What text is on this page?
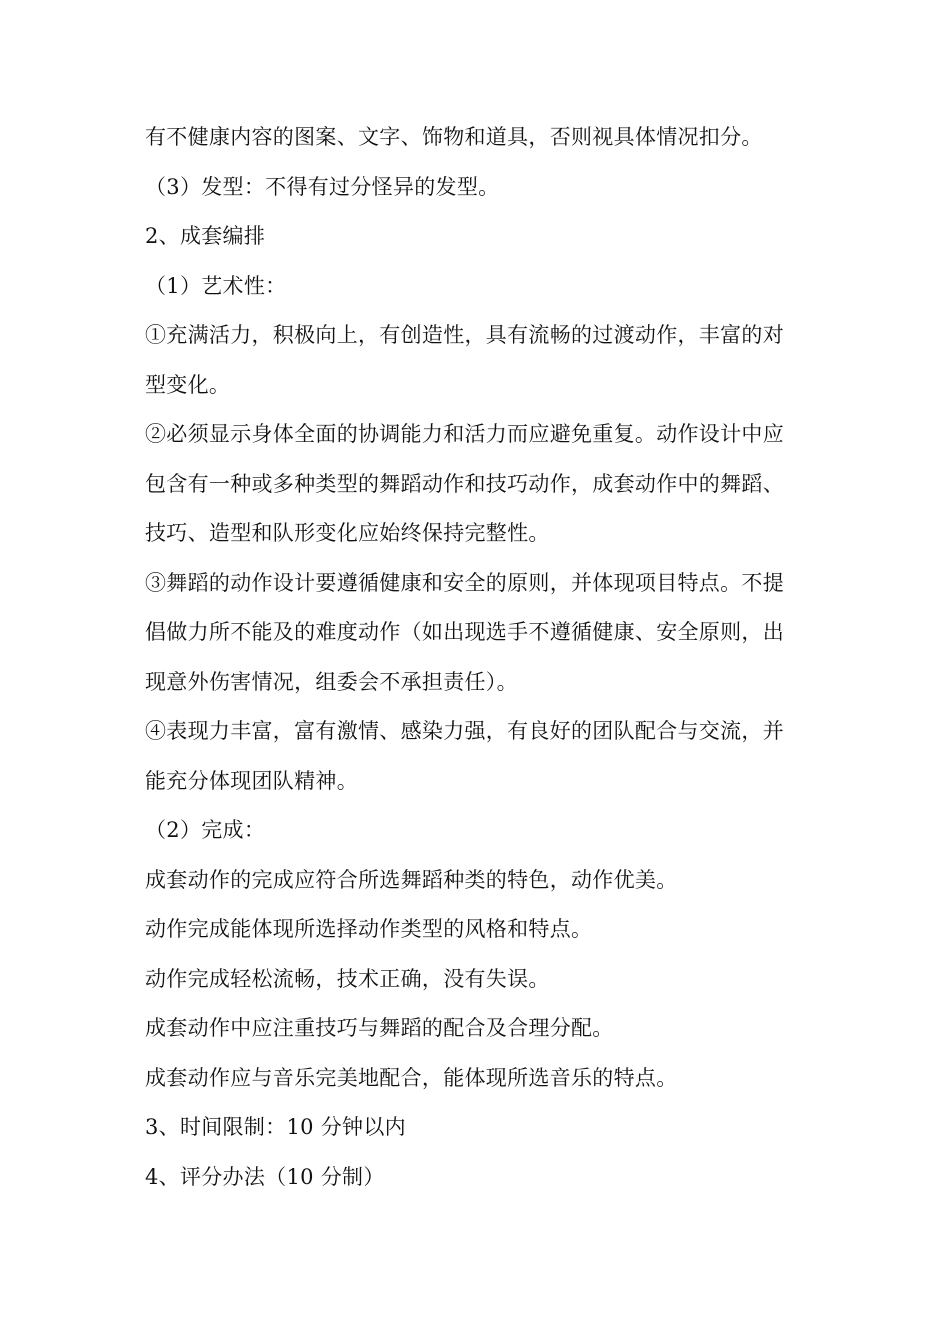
有不健康内容的图案、文字、饰物和道具，否则视具体情况扣分。
（3）发型：不得有过分怪异的发型。
2、成套编排
（1）艺术性：
①充满活力，积极向上，有创造性，具有流畅的过渡动作，丰富的对
型变化。
②必须显示身体全面的协调能力和活力而应避免重复。动作设计中应
包含有一种或多种类型的舞蹈动作和技巧动作，成套动作中的舞蹈、
技巧、造型和队形变化应始终保持完整性。
③舞蹈的动作设计要遵循健康和安全的原则，并体现项目特点。不提
倡做力所不能及的难度动作（如出现选手不遵循健康、安全原则，出
现意外伤害情况，组委会不承担责任）。
④表现力丰富，富有激情、感染力强，有良好的团队配合与交流，并
能充分体现团队精神。
（2）完成：
成套动作的完成应符合所选舞蹈种类的特色，动作优美。
动作完成能体现所选择动作类型的风格和特点。
动作完成轻松流畅，技术正确，没有失误。
成套动作中应注重技巧与舞蹈的配合及合理分配。
成套动作应与音乐完美地配合，能体现所选音乐的特点。
3、时间限制：10 分钟以内
4、评分办法（10 分制）
